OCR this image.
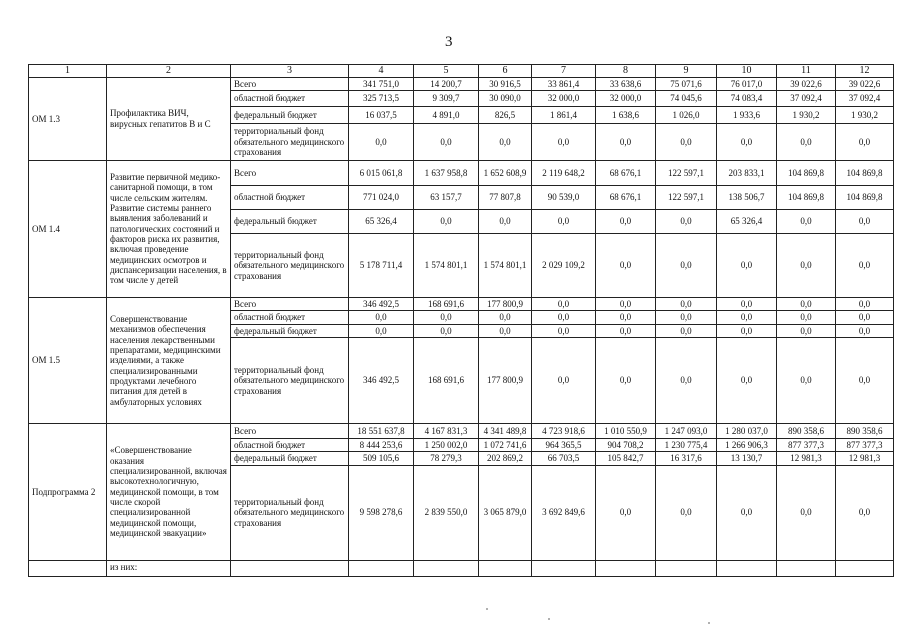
3
1	2	3	4	5	6	7	8	9	10	11	12
ОМ 1.3	Профилактика ВИЧ, вирусных гепатитов В и С	Всего	341 751,0	14 200,7	30 916,5	33 861,4	33 638,6	75 071,6	76 017,0	39 022,6	39 022,6
		областной бюджет	325 713,5	9 309,7	30 090,0	32 000,0	32 000,0	74 045,6	74 083,4	37 092,4	37 092,4
		федеральный бюджет	16 037,5	4 891,0	826,5	1 861,4	1 638,6	1 026,0	1 933,6	1 930,2	1 930,2
		территориальный фонд обязательного медицинского страхования	0,0	0,0	0,0	0,0	0,0	0,0	0,0	0,0	0,0
ОМ 1.4	Развитие первичной медико-санитарной помощи, в том числе сельским жителям. Развитие системы раннего выявления заболеваний и патологических состояний и факторов риска их развития, включая проведение медицинских осмотров и диспансеризации населения, в том числе у детей	Всего	6 015 061,8	1 637 958,8	1 652 608,9	2 119 648,2	68 676,1	122 597,1	203 833,1	104 869,8	104 869,8
		областной бюджет	771 024,0	63 157,7	77 807,8	90 539,0	68 676,1	122 597,1	138 506,7	104 869,8	104 869,8
		федеральный бюджет	65 326,4	0,0	0,0	0,0	0,0	0,0	65 326,4	0,0	0,0
		территориальный фонд обязательного медицинского страхования	5 178 711,4	1 574 801,1	1 574 801,1	2 029 109,2	0,0	0,0	0,0	0,0	0,0
ОМ 1.5	Совершенствование механизмов обеспечения населения лекарственными препаратами, медицинскими изделиями, а также специализированными продуктами лечебного питания для детей в амбулаторных условиях	Всего	346 492,5	168 691,6	177 800,9	0,0	0,0	0,0	0,0	0,0	0,0
		областной бюджет	0,0	0,0	0,0	0,0	0,0	0,0	0,0	0,0	0,0
		федеральный бюджет	0,0	0,0	0,0	0,0	0,0	0,0	0,0	0,0	0,0
		территориальный фонд обязательного медицинского страхования	346 492,5	168 691,6	177 800,9	0,0	0,0	0,0	0,0	0,0	0,0
Подпрограмма 2	«Совершенствование оказания специализированной, включая высокотехнологичную, медицинской помощи, в том числе скорой специализированной медицинской помощи, медицинской эвакуации»	Всего	18 551 637,8	4 167 831,3	4 341 489,8	4 723 918,6	1 010 550,9	1 247 093,0	1 280 037,0	890 358,6	890 358,6
		областной бюджет	8 444 253,6	1 250 002,0	1 072 741,6	964 365,5	904 708,2	1 230 775,4	1 266 906,3	877 377,3	877 377,3
		федеральный бюджет	509 105,6	78 279,3	202 869,2	66 703,5	105 842,7	16 317,6	13 130,7	12 981,3	12 981,3
		территориальный фонд обязательного медицинского страхования	9 598 278,6	2 839 550,0	3 065 879,0	3 692 849,6	0,0	0,0	0,0	0,0	0,0
	из них:										
